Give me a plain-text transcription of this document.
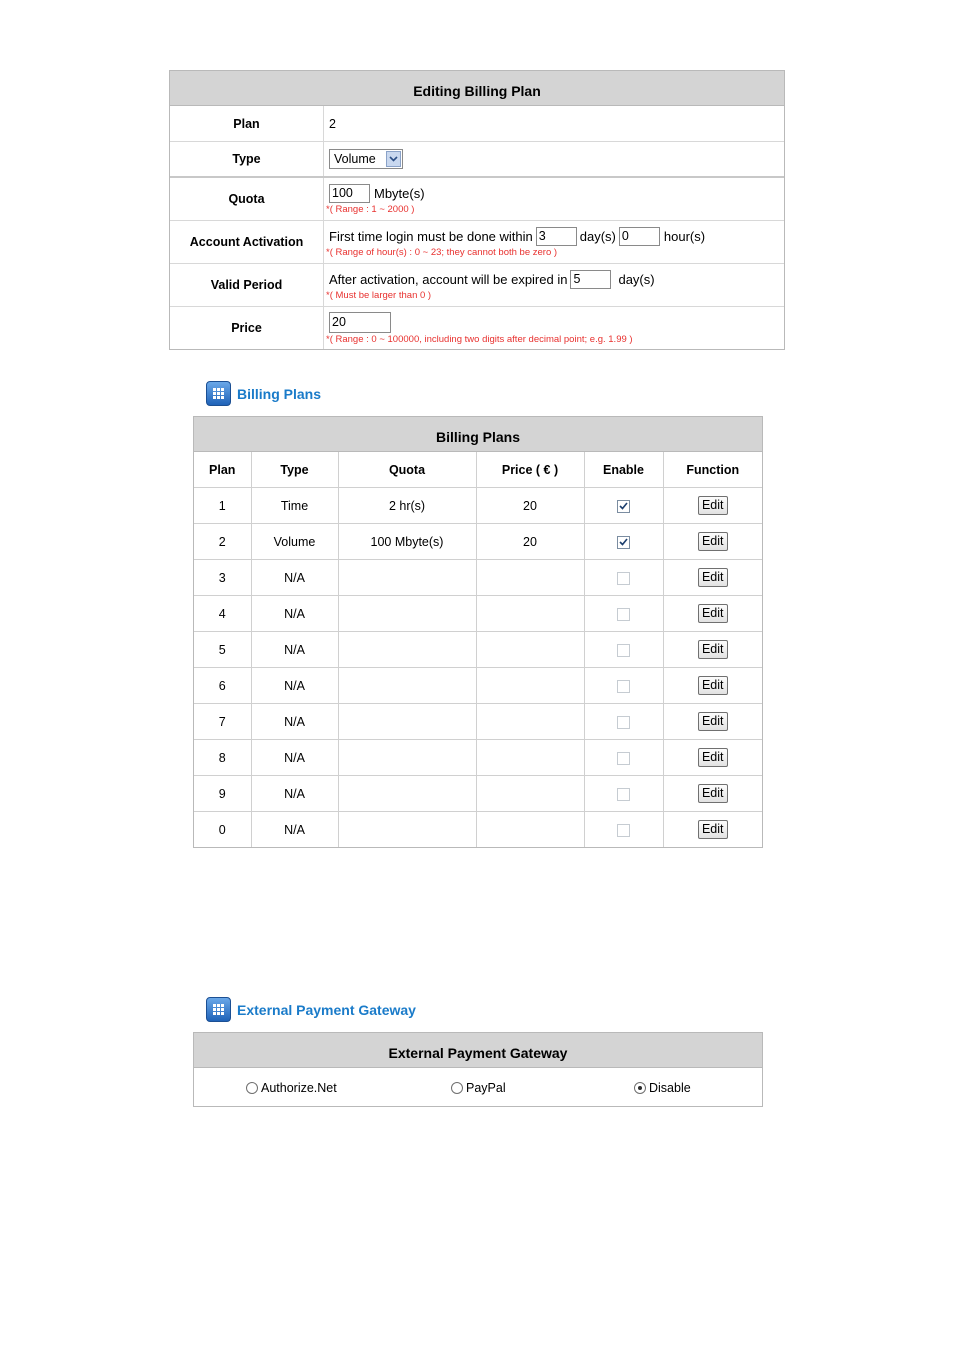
Editing Billing Plan
Plan	2
Type	Volume
Quota	100	Mbyte(s)
*( Range : 1 ~ 2000 )
Account Activation	First time login must be done within 3	day(s) 0	hour(s)
*( Range of hour(s) : 0 ~ 23; they cannot both be zero )
Valid Period	After activation, account will be expired in 5	day(s)
*( Must be larger than 0 )
Price	20
*( Range : 0 ~ 100000, including two digits after decimal point; e.g. 1.99 )
Billing Plans
Billing Plans
Plan	Type	Quota	Price ( € )	Enable	Function
1	Time	2 hr(s)	20		Edit
2	Volume	100 Mbyte(s)	20		Edit
3	N/A				Edit
4	N/A				Edit
5	N/A				Edit
6	N/A				Edit
7	N/A				Edit
8	N/A				Edit
9	N/A				Edit
0	N/A				Edit
External Payment Gateway
External Payment Gateway
Authorize.Net	PayPal	Disable
